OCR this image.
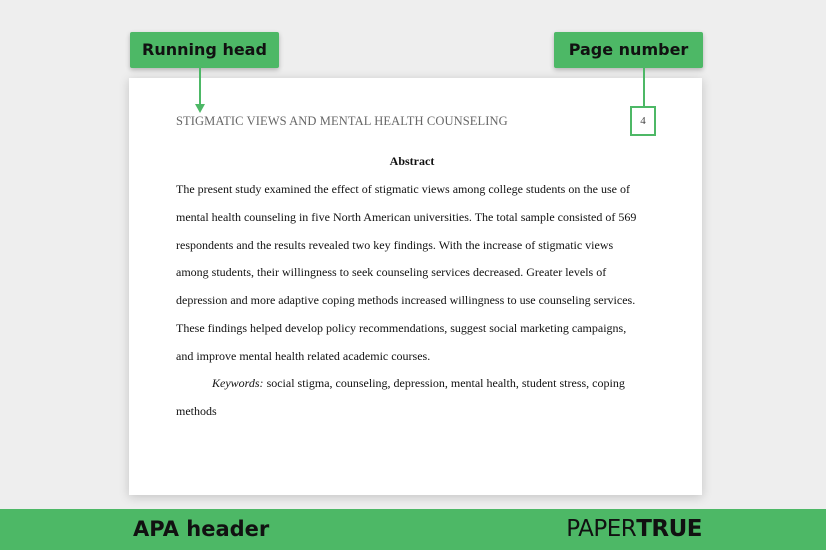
Running head	Page number
STIGMATIC VIEWS AND MENTAL HEALTH COUNSELING	4
Abstract

The present study examined the effect of stigmatic views among college students on the use of
mental health counseling in five North American universities. The total sample consisted of 569
respondents and the results revealed two key findings. With the increase of stigmatic views
among students, their willingness to seek counseling services decreased. Greater levels of
depression and more adaptive coping methods increased willingness to use counseling services.
These findings helped develop policy recommendations, suggest social marketing campaigns,
and improve mental health related academic courses.

Keywords: social stigma, counseling, depression, mental health, student stress, coping
methods

APA header	PAPERTRUE
